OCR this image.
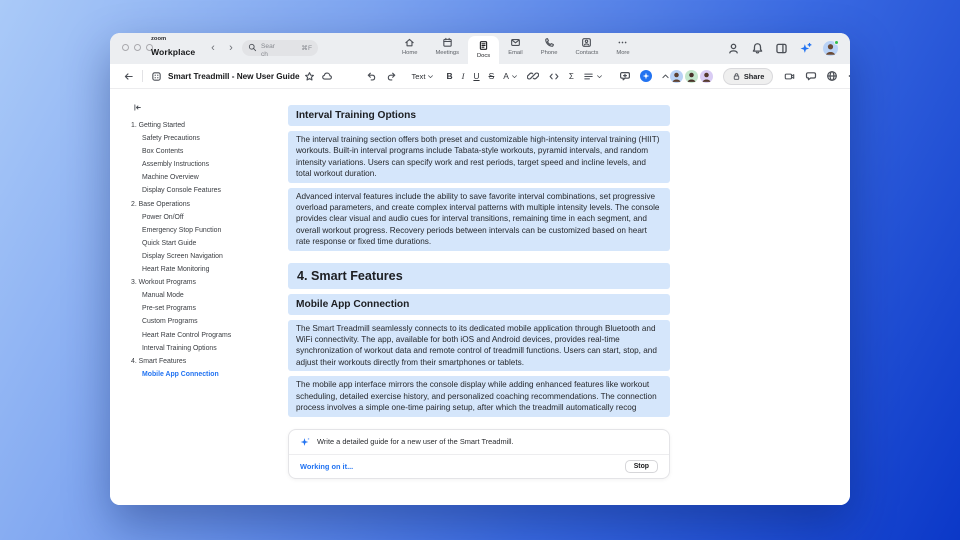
zoom
Workplace	‹	›	Search
⌘F
Home	Meetings	Docs	Email	Phone	Contacts	More
Smart Treadmill - New User Guide	Text B I U S A	Σ	Share
1. Getting Started
Safety Precautions
Box Contents
Assembly Instructions
Machine Overview
Display Console Features
2. Base Operations
Power On/Off
Emergency Stop Function
Quick Start Guide
Display Screen Navigation
Heart Rate Monitoring
3. Workout Programs
Manual Mode
Pre-set Programs
Custom Programs
Heart Rate Control Programs
Interval Training Options
4. Smart Features
Mobile App Connection
Interval Training Options
The interval training section offers both preset and customizable high-intensity interval training (HIIT) workouts. Built-in interval programs include Tabata-style workouts, pyramid intervals, and random intensity variations. Users can specify work and rest periods, target speed and incline levels, and total workout duration.
Advanced interval features include the ability to save favorite interval combinations, set progressive overload parameters, and create complex interval patterns with multiple intensity levels. The console provides clear visual and audio cues for interval transitions, remaining time in each segment, and overall workout progress. Recovery periods between intervals can be customized based on heart rate response or fixed time durations.
4. Smart Features
Mobile App Connection
The Smart Treadmill seamlessly connects to its dedicated mobile application through Bluetooth and WiFi connectivity. The app, available for both iOS and Android devices, provides real-time synchronization of workout data and remote control of treadmill functions. Users can start, stop, and adjust their workouts directly from their smartphones or tablets.
The mobile app interface mirrors the console display while adding enhanced features like workout scheduling, detailed exercise history, and personalized coaching recommendations. The connection process involves a simple one-time pairing setup, after which the treadmill automatically recog
Write a detailed guide for a new user of the Smart Treadmill.
Working on it...	Stop
